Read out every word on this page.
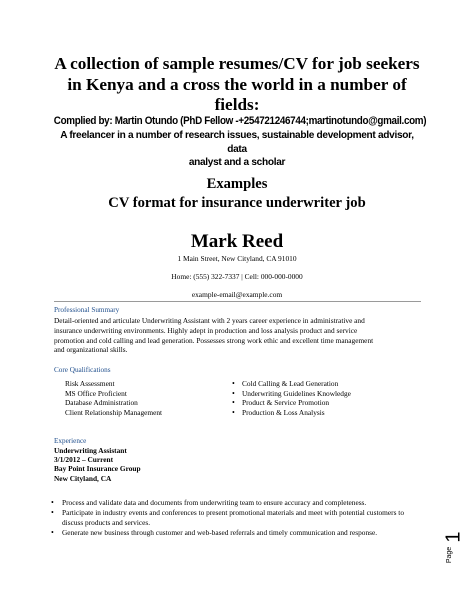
A collection of sample resumes/CV for job seekers
in Kenya and a cross the world in a number of
fields:
Complied by: Martin Otundo (PhD Fellow -+254721246744;martinotundo@gmail.com)
A freelancer in a number of research issues, sustainable development advisor, data
analyst and a scholar
Examples
CV format for insurance underwriter job
Mark Reed
1 Main Street, New Cityland, CA 91010
Home: (555) 322-7337 | Cell: 000-000-0000
example-email@example.com
Professional Summary
Detail-oriented and articulate Underwriting Assistant with 2 years career experience in administrative and
insurance underwriting environments. Highly adept in production and loss analysis product and service
promotion and cold calling and lead generation. Possesses strong work ethic and excellent time management
and organizational skills.
Core Qualifications
Risk Assessment
MS Office Proficient
Database Administration
Client Relationship Management
• Cold Calling & Lead Generation
• Underwriting Guidelines Knowledge
• Product & Service Promotion
• Production & Loss Analysis
Experience
Underwriting Assistant
3/1/2012 – Current
Bay Point Insurance Group
New Cityland, CA
• Process and validate data and documents from underwriting team to ensure accuracy and completeness.
• Participate in industry events and conferences to present promotional materials and meet with potential customers to discuss products and services.
• Generate new business through customer and web-based referrals and timely communication and response.
Page
1
